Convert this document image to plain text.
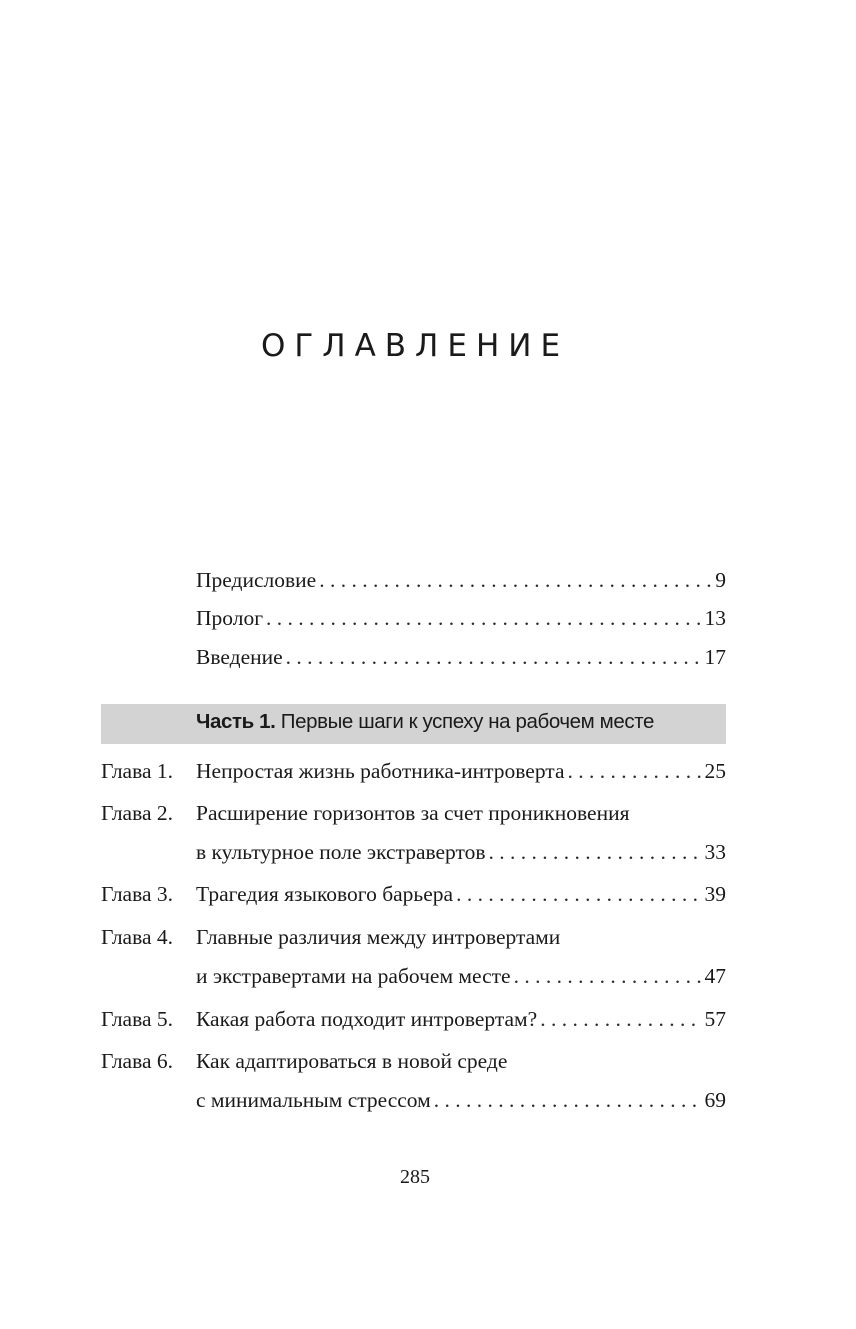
ОГЛАВЛЕНИЕ
Предисловие . . .	9
Пролог . . .	13
Введение . . .	17
Часть 1. Первые шаги к успеху на рабочем месте
Глава 1. Непростая жизнь работника-интроверта . . .	25
Глава 2. Расширение горизонтов за счет проникновения
в культурное поле экстравертов . . .	33
Глава 3. Трагедия языкового барьера . . .	39
Глава 4. Главные различия между интровертами
и экстравертами на рабочем месте . . .	47
Глава 5. Какая работа подходит интровертам? . . .	57
Глава 6. Как адаптироваться в новой среде
с минимальным стрессом . . .	69
285
